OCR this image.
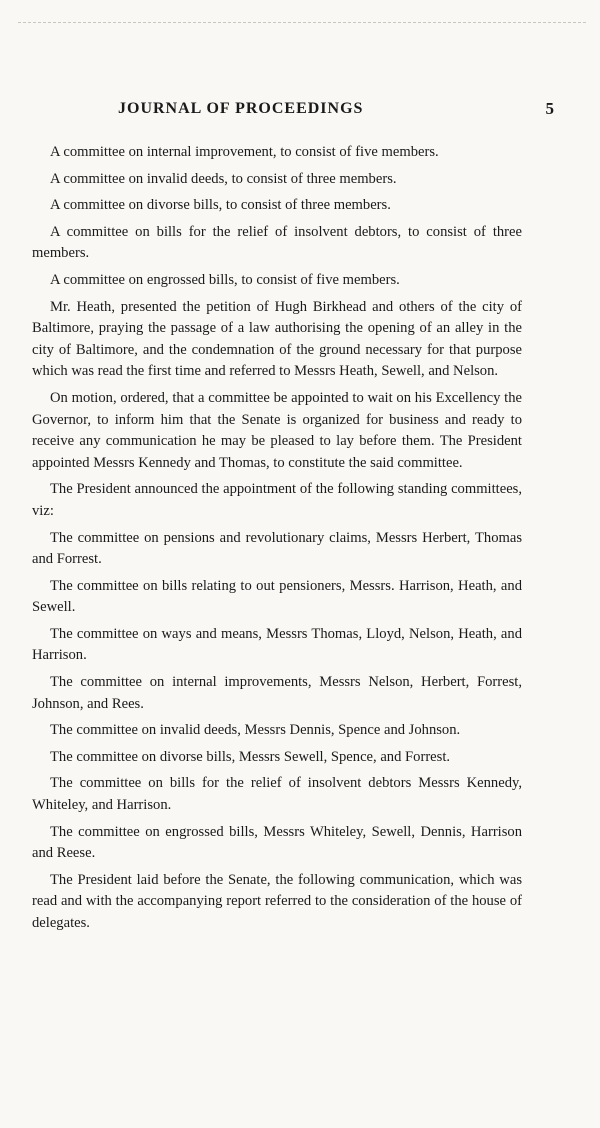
JOURNAL OF PROCEEDINGS	5

A committee on internal improvement, to consist of five members.

A committee on invalid deeds, to consist of three members.

A committee on divorse bills, to consist of three members.

A committee on bills for the relief of insolvent debtors, to consist of three members.

A committee on engrossed bills, to consist of five members.

Mr. Heath, presented the petition of Hugh Birkhead and others of the city of Baltimore, praying the passage of a law authorising the opening of an alley in the city of Baltimore, and the condemnation of the ground necessary for that purpose which was read the first time and referred to Messrs Heath, Sewell, and Nelson.

On motion, ordered, that a committee be appointed to wait on his Excellency the Governor, to inform him that the Senate is organized for business and ready to receive any communication he may be pleased to lay before them. The President appointed Messrs Kennedy and Thomas, to constitute the said committee.

The President announced the appointment of the following standing committees, viz:

The committee on pensions and revolutionary claims, Messrs Herbert, Thomas and Forrest.

The committee on bills relating to out pensioners, Messrs. Harrison, Heath, and Sewell.

The committee on ways and means, Messrs Thomas, Lloyd, Nelson, Heath, and Harrison.

The committee on internal improvements, Messrs Nelson, Herbert, Forrest, Johnson, and Rees.

The committee on invalid deeds, Messrs Dennis, Spence and Johnson.

The committee on divorse bills, Messrs Sewell, Spence, and Forrest.

The committee on bills for the relief of insolvent debtors Messrs Kennedy, Whiteley, and Harrison.

The committee on engrossed bills, Messrs Whiteley, Sewell, Dennis, Harrison and Reese.

The President laid before the Senate, the following communication, which was read and with the accompanying report referred to the consideration of the house of delegates.
